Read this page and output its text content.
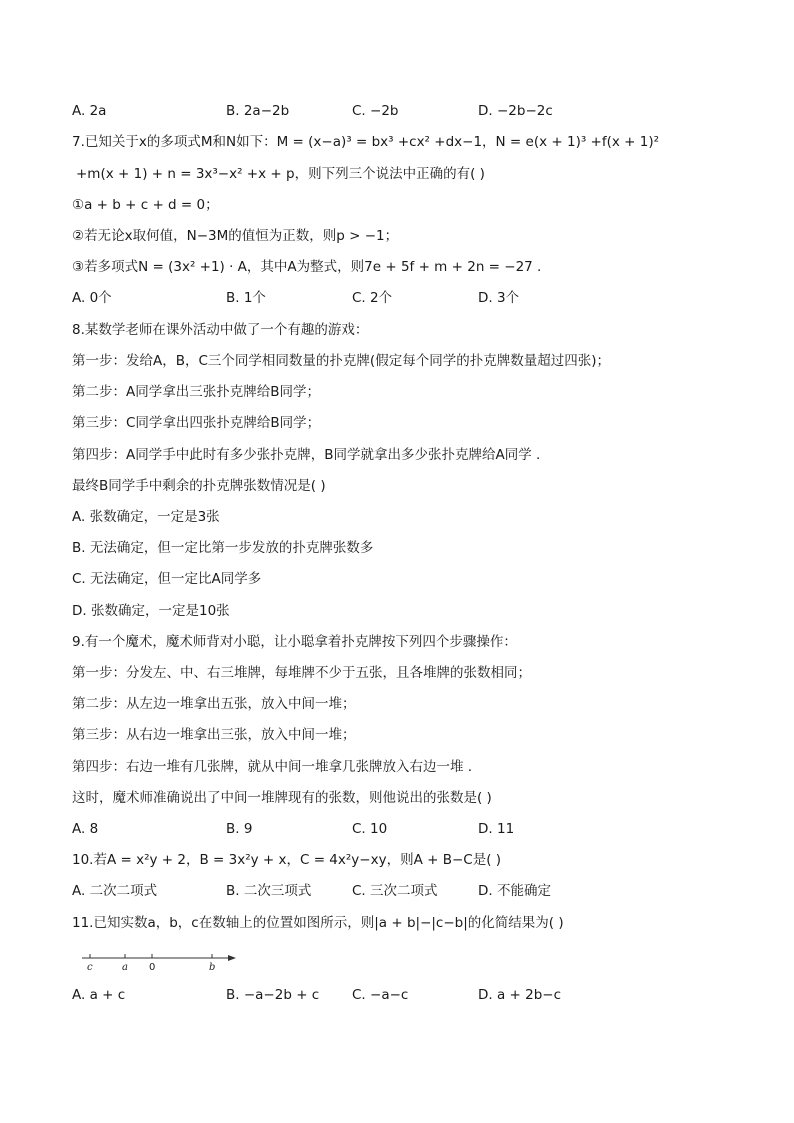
A. 2a	B. 2a−2b	C. −2b	D. −2b−2c
7.已知关于x的多项式M和N如下：M = (x−a)³ = bx³ +cx² +dx−1，N = e(x + 1)³ +f(x + 1)²
+m(x + 1) + n = 3x³−x² +x + p，则下列三个说法中正确的有( )
①a + b + c + d = 0；
②若无论x取何值，N−3M的值恒为正数，则p > −1；
③若多项式N = (3x² +1) · A，其中A为整式，则7e + 5f + m + 2n = −27 .
A. 0个	B. 1个	C. 2个	D. 3个
8.某数学老师在课外活动中做了一个有趣的游戏：
第一步：发给A，B，C三个同学相同数量的扑克牌(假定每个同学的扑克牌数量超过四张)；
第二步：A同学拿出三张扑克牌给B同学；
第三步：C同学拿出四张扑克牌给B同学；
第四步：A同学手中此时有多少张扑克牌，B同学就拿出多少张扑克牌给A同学 .
最终B同学手中剩余的扑克牌张数情况是( )
A. 张数确定，一定是3张
B. 无法确定，但一定比第一步发放的扑克牌张数多
C. 无法确定，但一定比A同学多
D. 张数确定，一定是10张
9.有一个魔术，魔术师背对小聪，让小聪拿着扑克牌按下列四个步骤操作：
第一步：分发左、中、右三堆牌，每堆牌不少于五张，且各堆牌的张数相同；
第二步：从左边一堆拿出五张，放入中间一堆；
第三步：从右边一堆拿出三张，放入中间一堆；
第四步：右边一堆有几张牌，就从中间一堆拿几张牌放入右边一堆 .
这时，魔术师准确说出了中间一堆牌现有的张数，则他说出的张数是( )
A. 8	B. 9	C. 10	D. 11
10.若A = x²y + 2，B = 3x²y + x，C = 4x²y−xy，则A + B−C是( )
A. 二次二项式	B. 二次三项式	C. 三次二项式	D. 不能确定
11.已知实数a，b，c在数轴上的位置如图所示，则|a + b|−|c−b|的化简结果为( )
c	a 0	b
A. a + c	B. −a−2b + c C. −a−c	D. a + 2b−c
